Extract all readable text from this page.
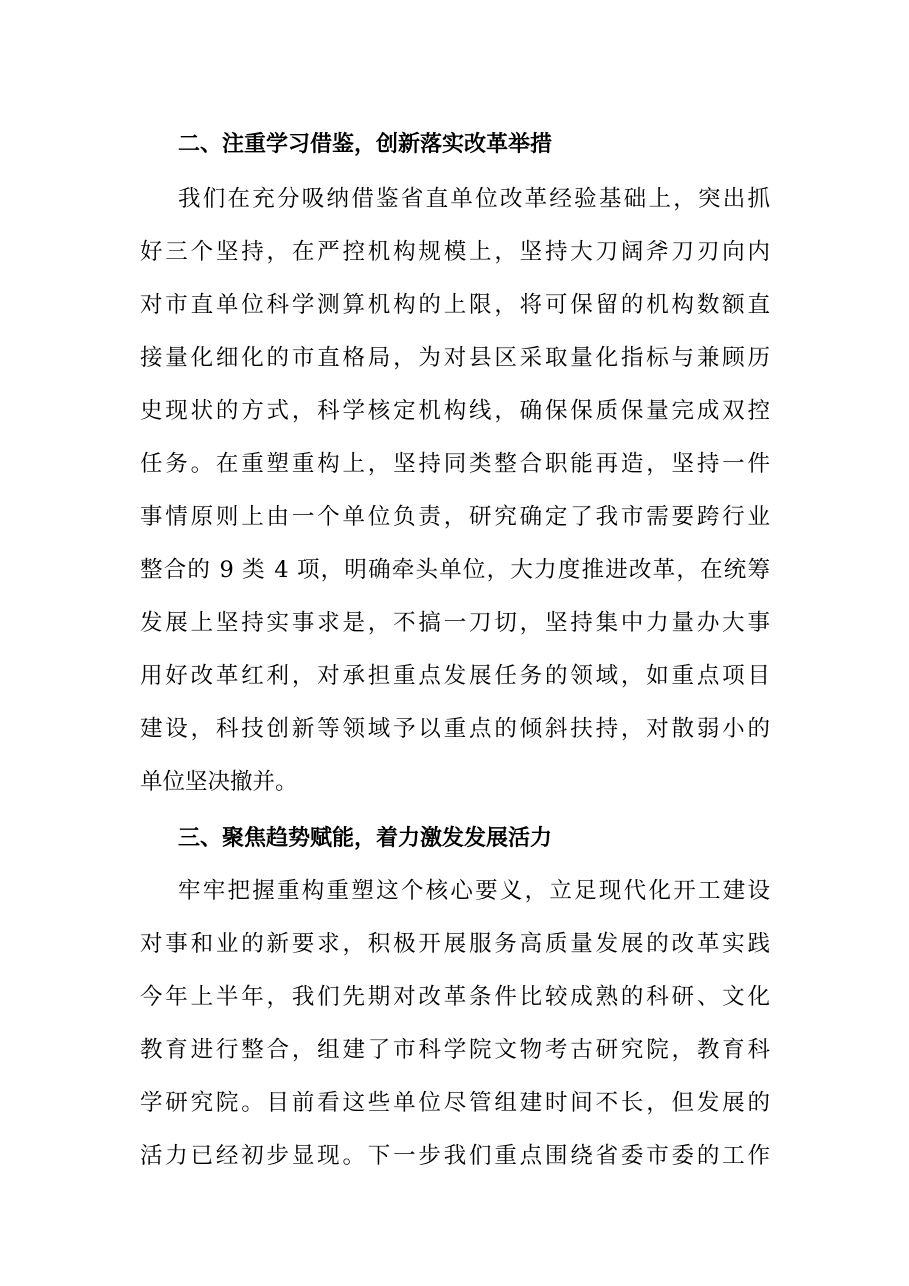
二、注重学习借鉴，创新落实改革举措
我们在充分吸纳借鉴省直单位改革经验基础上，突出抓
好三个坚持，在严控机构规模上，坚持大刀阔斧刀刃向内
对市直单位科学测算机构的上限，将可保留的机构数额直
接量化细化的市直格局，为对县区采取量化指标与兼顾历
史现状的方式，科学核定机构线，确保保质保量完成双控
任务。在重塑重构上，坚持同类整合职能再造，坚持一件
事情原则上由一个单位负责，研究确定了我市需要跨行业
整合的 9 类 4 项，明确牵头单位，大力度推进改革，在统筹
发展上坚持实事求是，不搞一刀切，坚持集中力量办大事
用好改革红利，对承担重点发展任务的领域，如重点项目
建设，科技创新等领域予以重点的倾斜扶持，对散弱小的
单位坚决撤并。
三、聚焦趋势赋能，着力激发发展活力
牢牢把握重构重塑这个核心要义，立足现代化开工建设
对事和业的新要求，积极开展服务高质量发展的改革实践
今年上半年，我们先期对改革条件比较成熟的科研、文化
教育进行整合，组建了市科学院文物考古研究院，教育科
学研究院。目前看这些单位尽管组建时间不长，但发展的
活力已经初步显现。下一步我们重点围绕省委市委的工作
